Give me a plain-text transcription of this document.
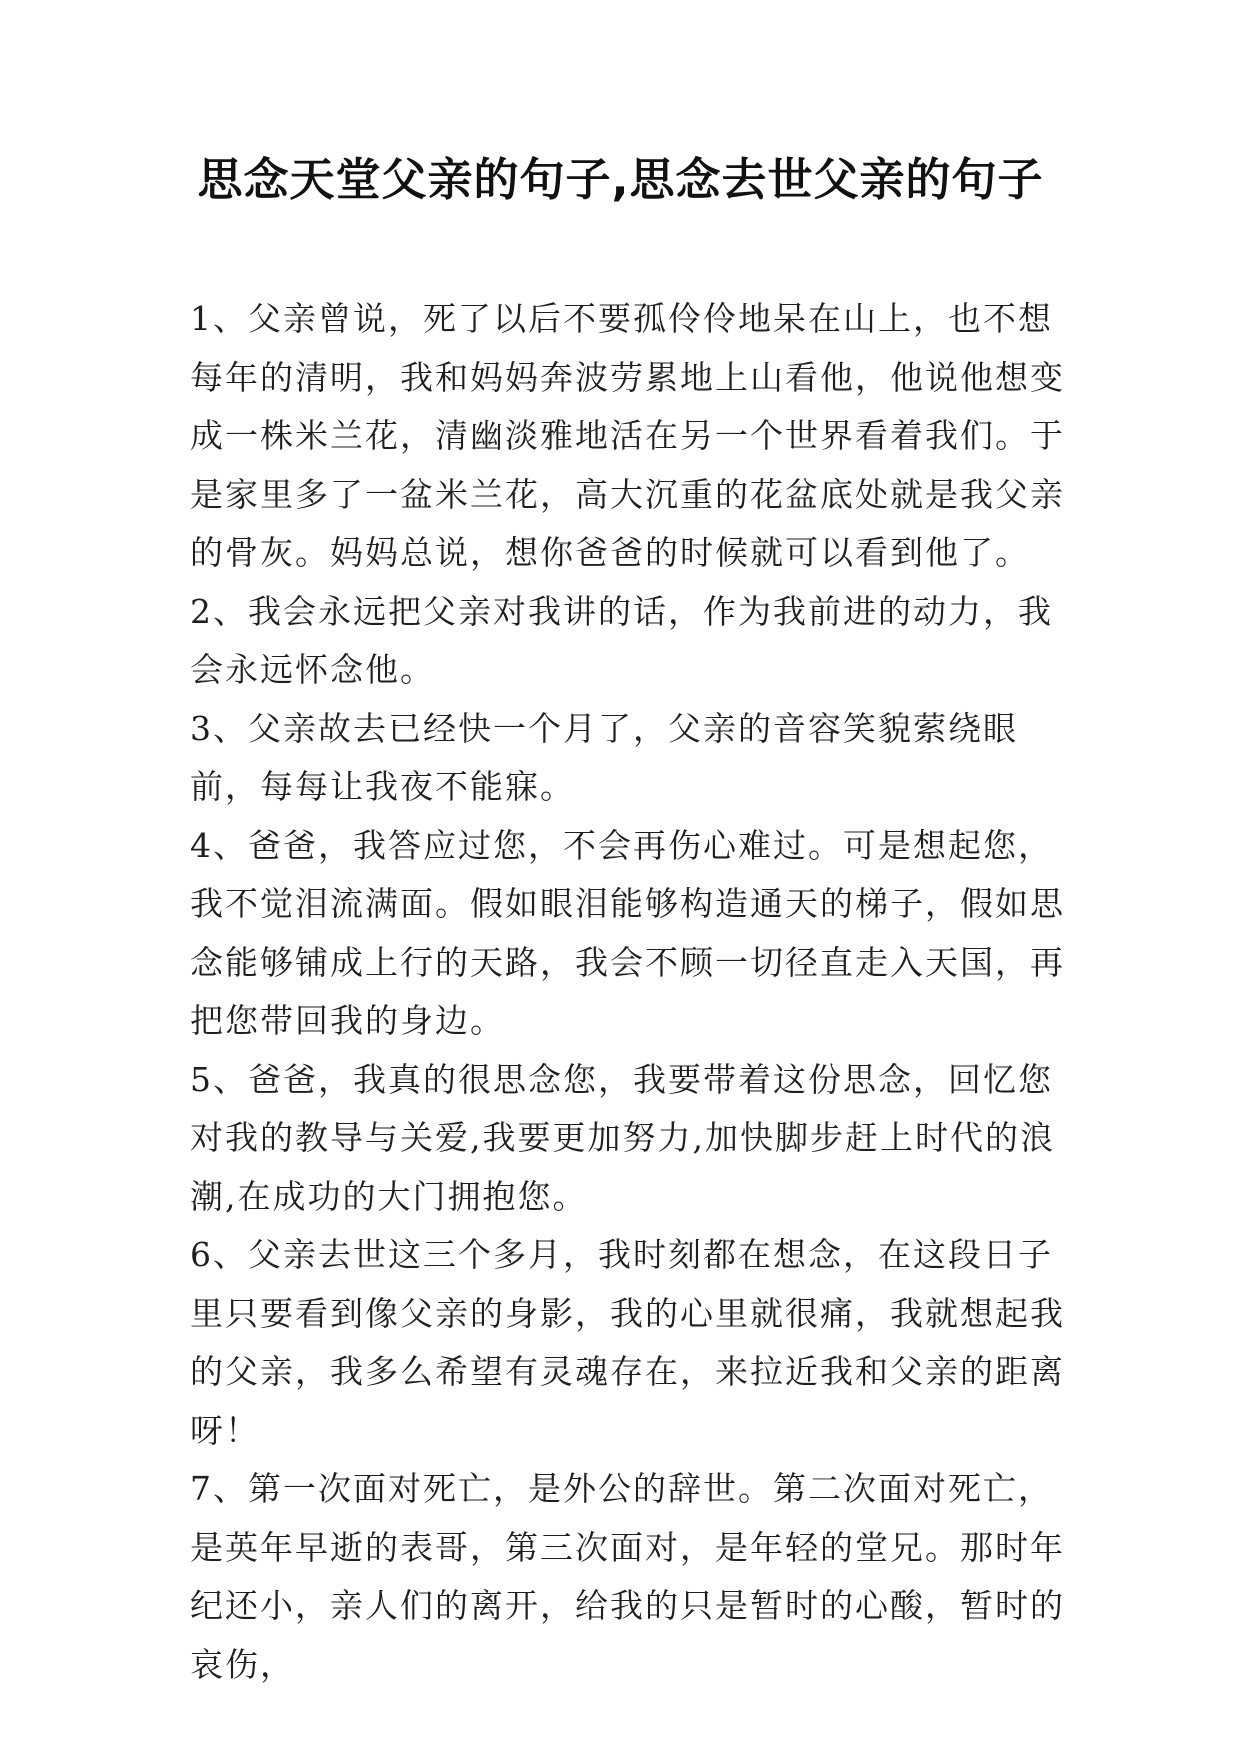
思念天堂父亲的句子,思念去世父亲的句子

1、父亲曾说，死了以后不要孤伶伶地呆在山上，也不想每年的清明，我和妈妈奔波劳累地上山看他，他说他想变成一株米兰花，清幽淡雅地活在另一个世界看着我们。于是家里多了一盆米兰花，高大沉重的花盆底处就是我父亲的骨灰。妈妈总说，想你爸爸的时候就可以看到他了。

2、我会永远把父亲对我讲的话，作为我前进的动力，我会永远怀念他。

3、父亲故去已经快一个月了，父亲的音容笑貌萦绕眼前，每每让我夜不能寐。

4、爸爸，我答应过您，不会再伤心难过。可是想起您，我不觉泪流满面。假如眼泪能够构造通天的梯子，假如思念能够铺成上行的天路，我会不顾一切径直走入天国，再把您带回我的身边。

5、爸爸，我真的很思念您，我要带着这份思念，回忆您对我的教导与关爱,我要更加努力,加快脚步赶上时代的浪潮,在成功的大门拥抱您。

6、父亲去世这三个多月，我时刻都在想念，在这段日子里只要看到像父亲的身影，我的心里就很痛，我就想起我的父亲，我多么希望有灵魂存在，来拉近我和父亲的距离呀！

7、第一次面对死亡，是外公的辞世。第二次面对死亡，是英年早逝的表哥，第三次面对，是年轻的堂兄。那时年纪还小，亲人们的离开，给我的只是暂时的心酸，暂时的哀伤，
